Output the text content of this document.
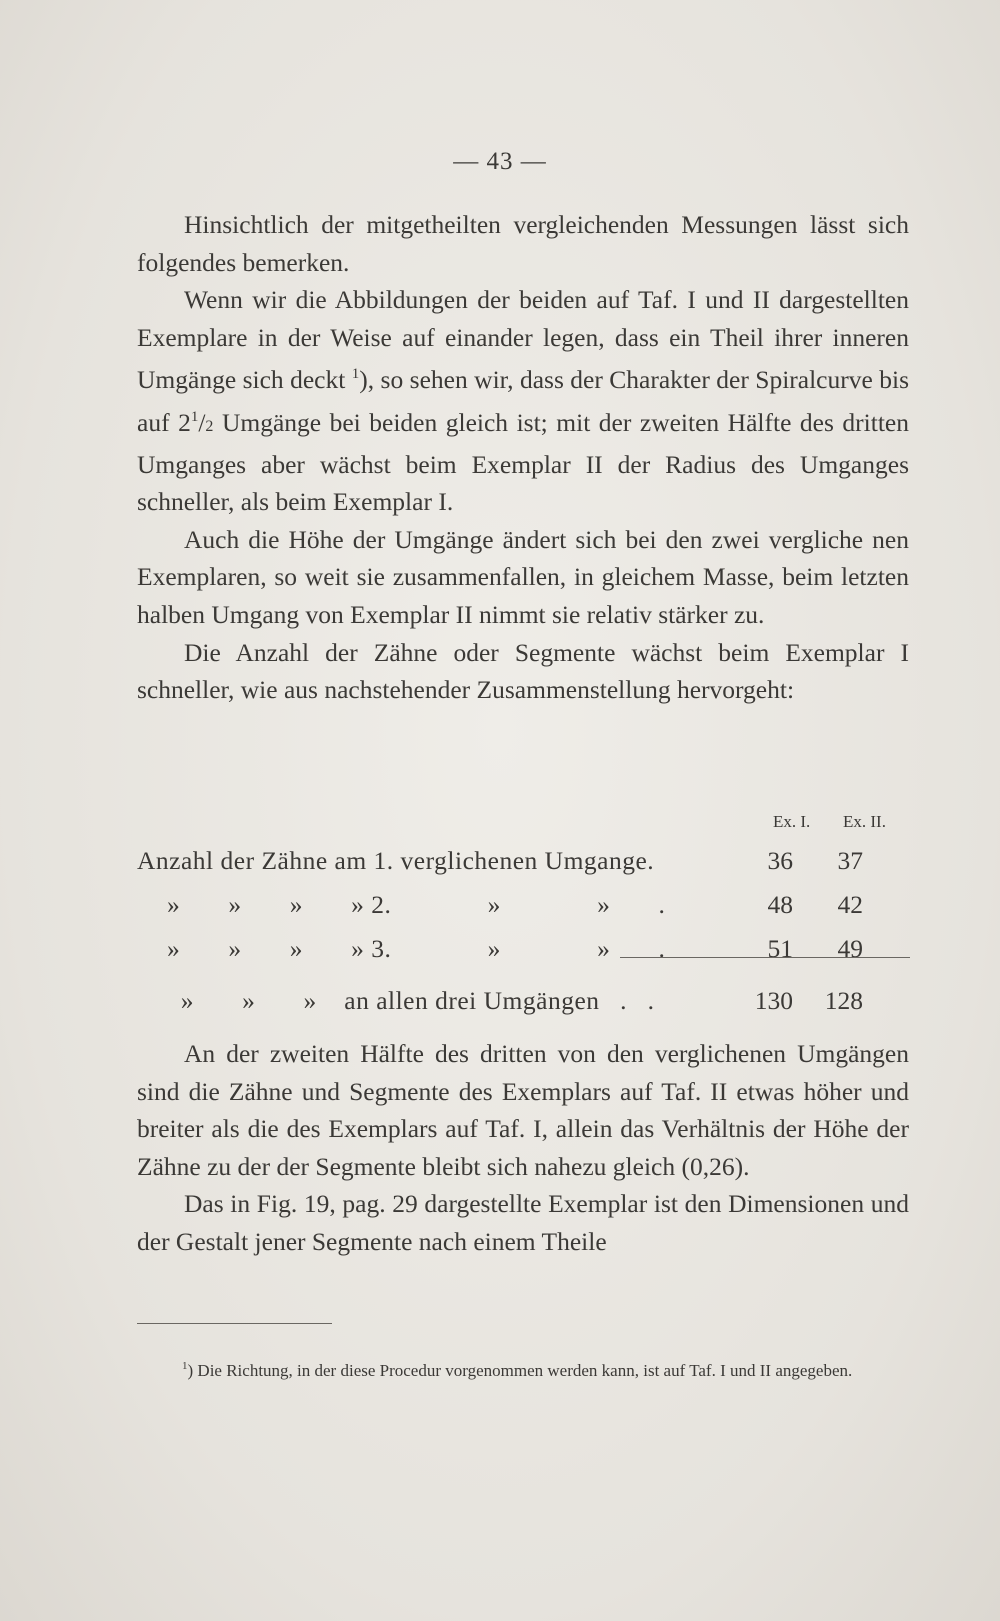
— 43 —

Hinsichtlich der mitgetheilten vergleichenden Messungen lässt sich folgendes bemerken.

Wenn wir die Abbildungen der beiden auf Taf. I und II dargestellten Exemplare in der Weise auf einander legen, dass ein Theil ihrer inneren Umgänge sich deckt $^1$), so sehen wir, dass der Charakter der Spiralcurve bis auf $2^1/2$ Umgänge bei beiden gleich ist; mit der zweiten Hälfte des dritten Umganges aber wächst beim Exemplar II der Radius des Umganges schneller, als beim Exemplar I.

Auch die Höhe der Umgänge ändert sich bei den zwei vergliche nen Exemplaren, so weit sie zusammenfallen, in gleichem Masse, beim letzten halben Umgang von Exemplar II nimmt sie relativ stärker zu.

Die Anzahl der Zähne oder Segmente wächst beim Exemplar I schneller, wie aus nachstehender Zusammenstellung hervorgeht:

Ex. I. Ex. II.
Anzahl der Zähne am 1. verglichenen Umgange.	36	37
»       »       »       » 2.              »              »       .	48	42
»       »       »       » 3.              »              »       .	51	49
»       »       »    an allen drei Umgängen   .   .	130	128

An der zweiten Hälfte des dritten von den verglichenen Umgängen sind die Zähne und Segmente des Exemplars auf Taf. II etwas höher und breiter als die des Exemplars auf Taf. I, allein das Verhältnis der Höhe der Zähne zu der der Segmente bleibt sich nahezu gleich (0,26).

Das in Fig. 19, pag. 29 dargestellte Exemplar ist den Dimensionen und der Gestalt jener Segmente nach einem Theile

$^1$) Die Richtung, in der diese Procedur vorgenommen werden kann, ist auf Taf. I und II angegeben.
